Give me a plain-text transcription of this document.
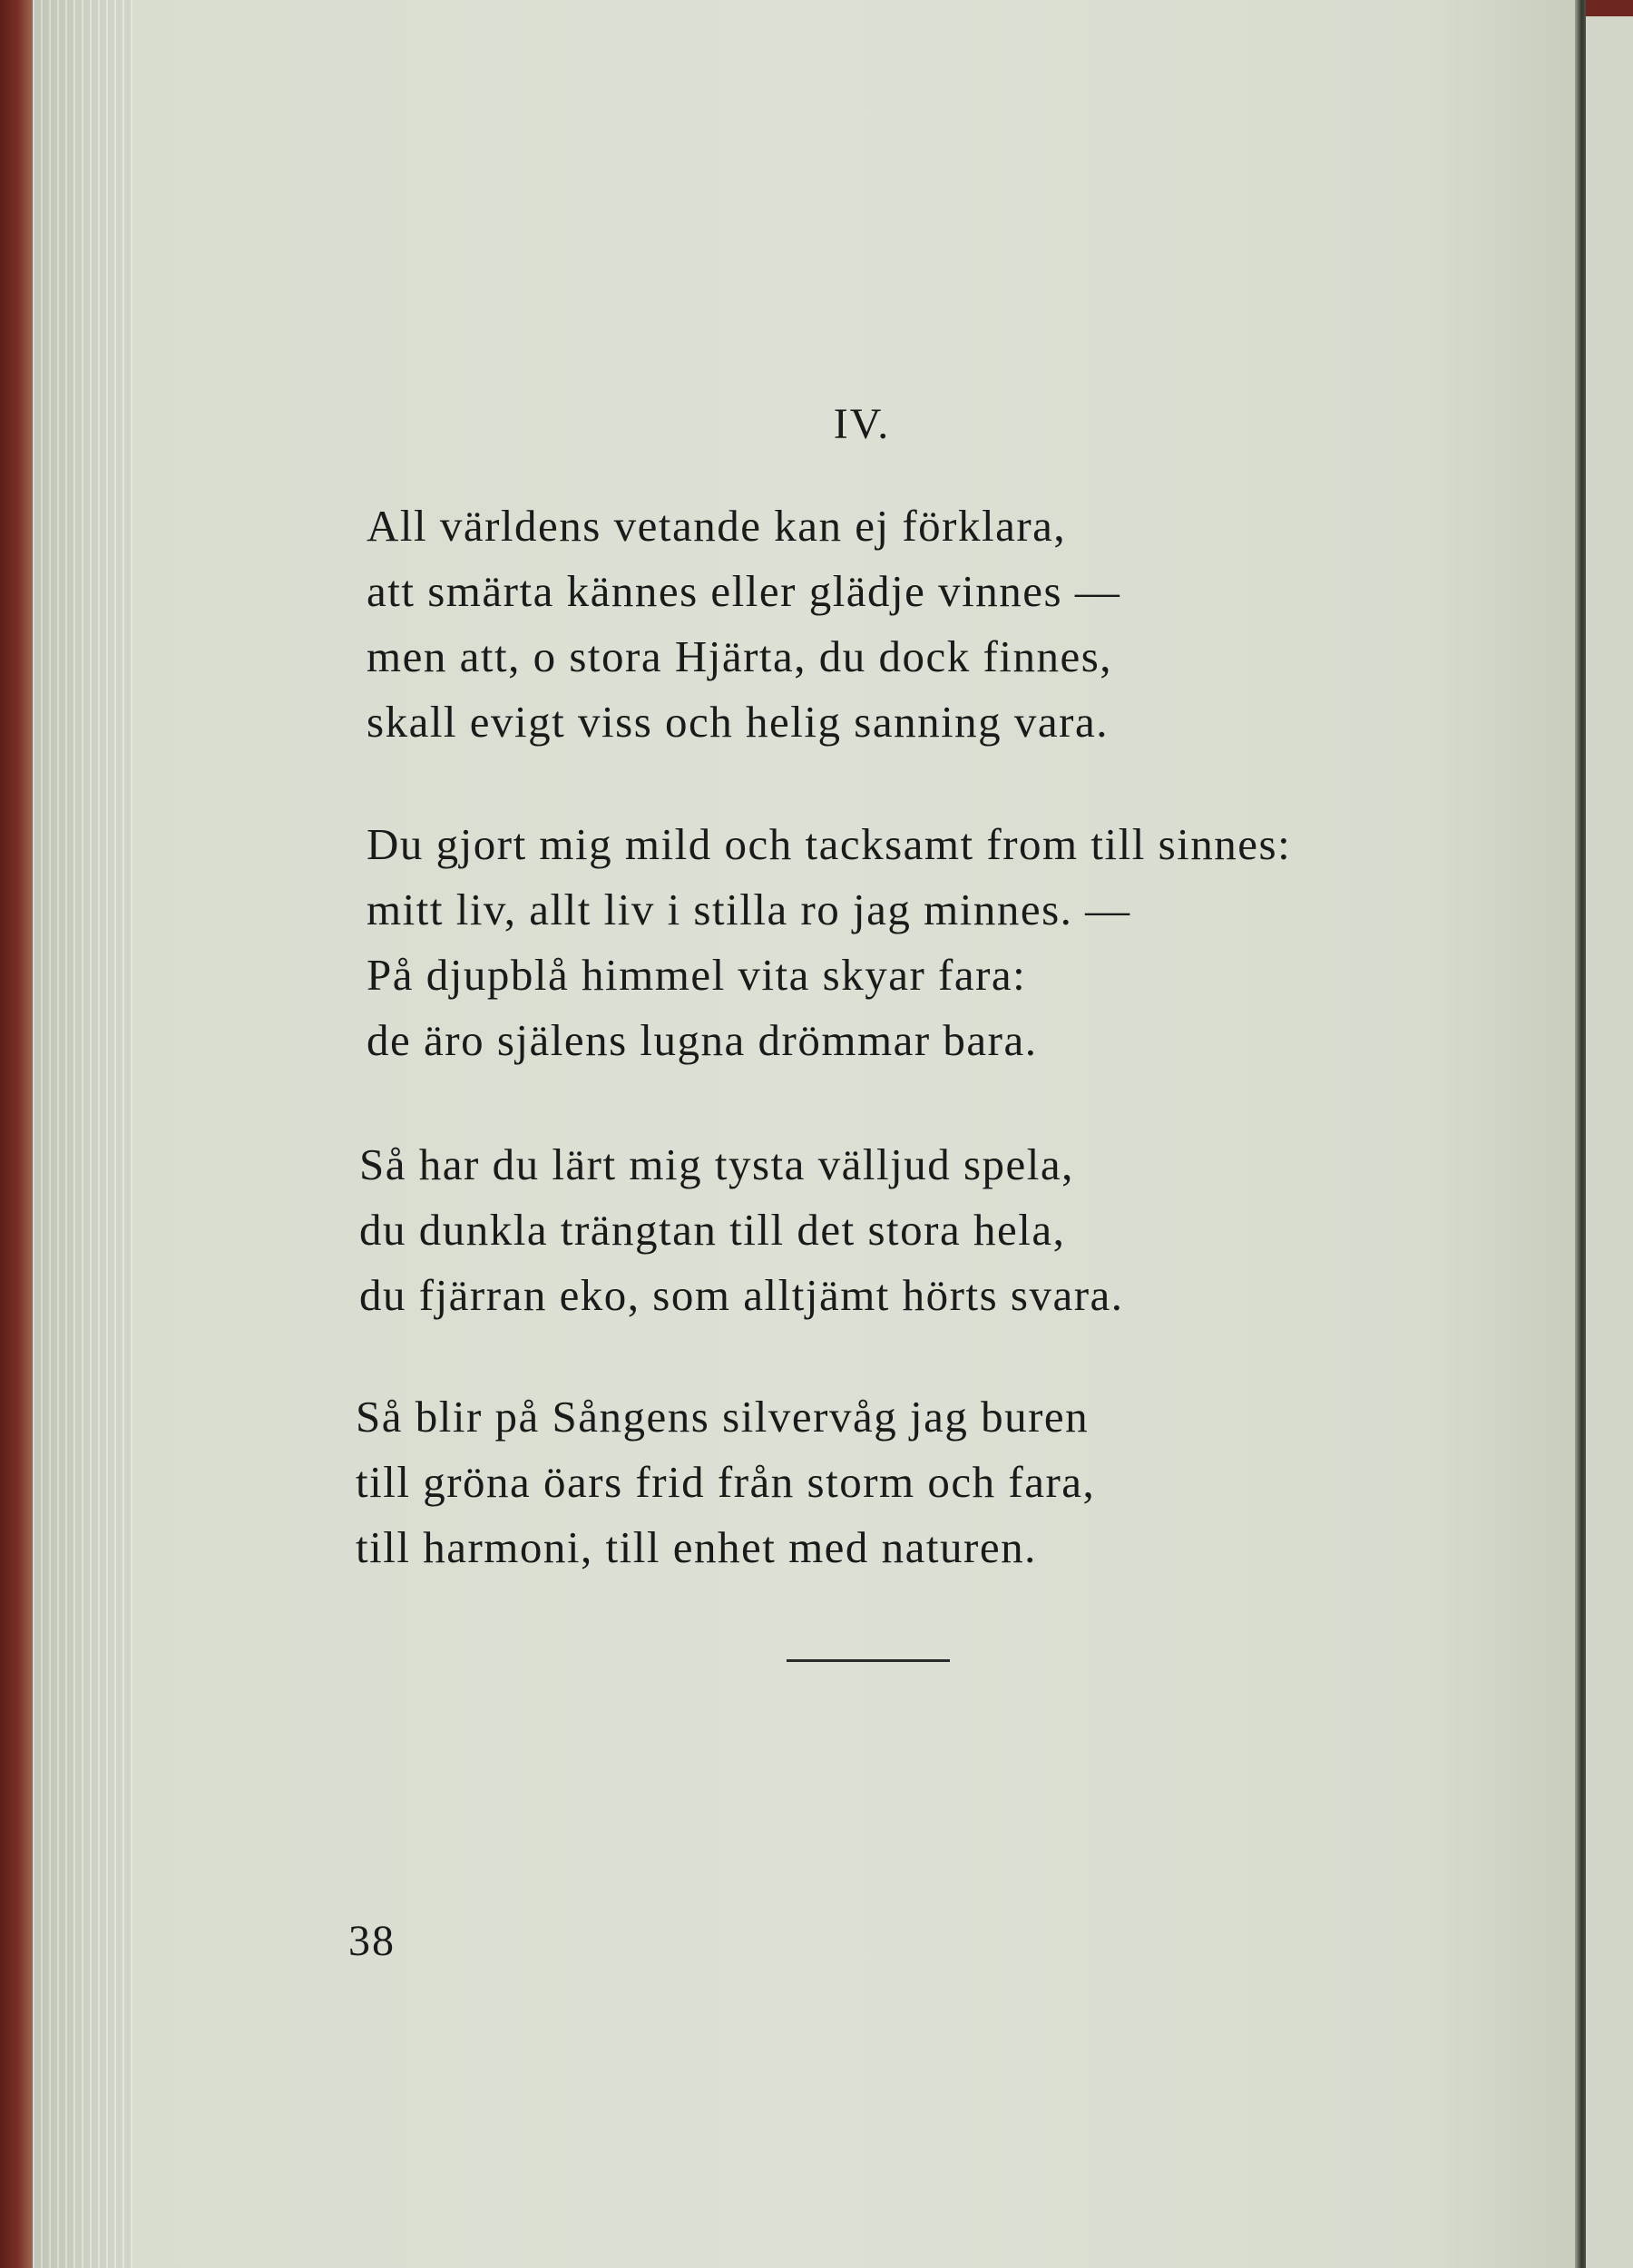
IV.
All världens vetande kan ej förklara,
att smärta kännes eller glädje vinnes —
men att, o stora Hjärta, du dock finnes,
skall evigt viss och helig sanning vara.
Du gjort mig mild och tacksamt from till sinnes:
mitt liv, allt liv i stilla ro jag minnes. —
På djupblå himmel vita skyar fara:
de äro själens lugna drömmar bara.
Så har du lärt mig tysta välljud spela,
du dunkla trängtan till det stora hela,
du fjärran eko, som alltjämt hörts svara.
Så blir på Sångens silvervåg jag buren
till gröna öars frid från storm och fara,
till harmoni, till enhet med naturen.
38
